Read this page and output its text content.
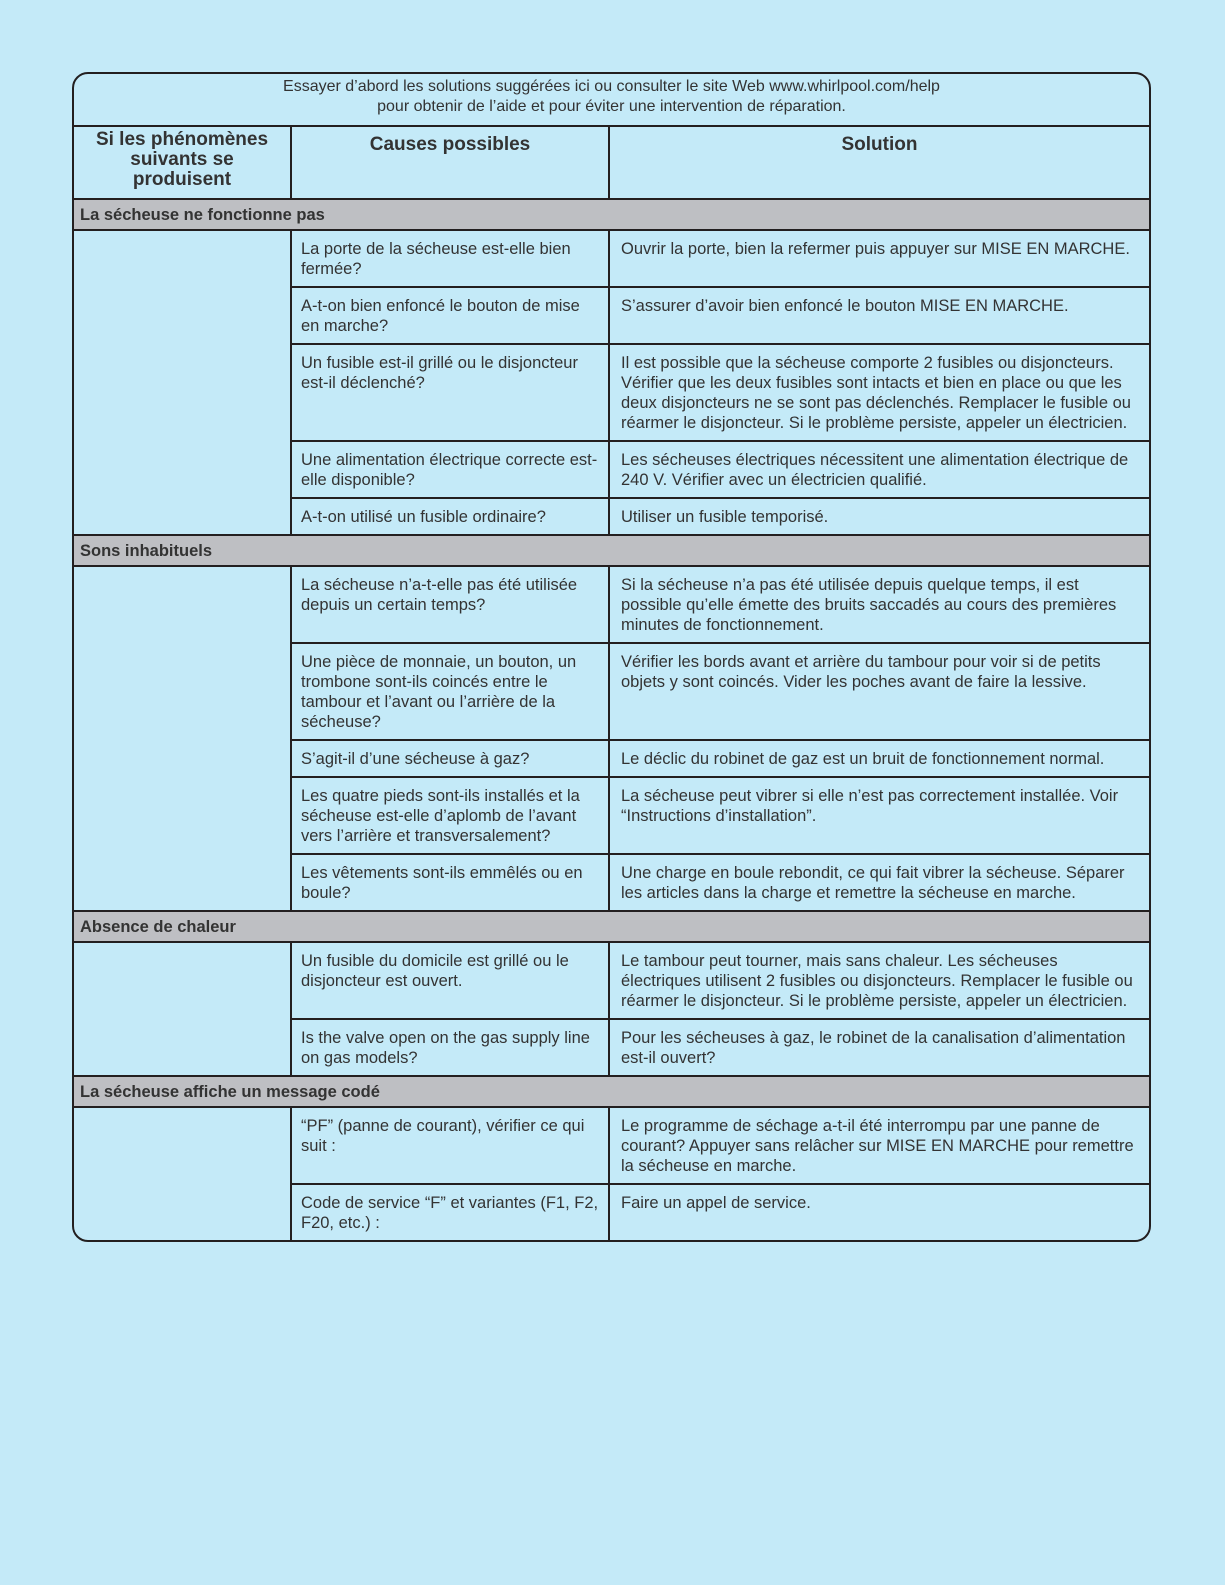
Essayer d’abord les solutions suggérées ici ou consulter le site Web www.whirlpool.com/help
pour obtenir de l’aide et pour éviter une intervention de réparation.
Si les phénomènes suivants se produisent	Causes possibles	Solution
La sécheuse ne fonctionne pas		
	La porte de la sécheuse est-elle bien fermée?	Ouvrir la porte, bien la refermer puis appuyer sur MISE EN MARCHE.
	A-t-on bien enfoncé le bouton de mise en marche?	S’assurer d’avoir bien enfoncé le bouton MISE EN MARCHE.
	Un fusible est-il grillé ou le disjoncteur est-il déclenché?	Il est possible que la sécheuse comporte 2 fusibles ou disjoncteurs. Vérifier que les deux fusibles sont intacts et bien en place ou que les deux disjoncteurs ne se sont pas déclenchés. Remplacer le fusible ou réarmer le disjoncteur. Si le problème persiste, appeler un électricien.
	Une alimentation électrique correcte est-elle disponible?	Les sécheuses électriques nécessitent une alimentation électrique de 240 V. Vérifier avec un électricien qualifié.
	A-t-on utilisé un fusible ordinaire?	Utiliser un fusible temporisé.
Sons inhabituels		
	La sécheuse n’a-t-elle pas été utilisée depuis un certain temps?	Si la sécheuse n’a pas été utilisée depuis quelque temps, il est possible qu’elle émette des bruits saccadés au cours des premières minutes de fonctionnement.
	Une pièce de monnaie, un bouton, un trombone sont-ils coincés entre le tambour et l’avant ou l’arrière de la sécheuse?	Vérifier les bords avant et arrière du tambour pour voir si de petits objets y sont coincés. Vider les poches avant de faire la lessive.
	S’agit-il d’une sécheuse à gaz?	Le déclic du robinet de gaz est un bruit de fonctionnement normal.
	Les quatre pieds sont-ils installés et la sécheuse est-elle d’aplomb de l’avant vers l’arrière et transversalement?	La sécheuse peut vibrer si elle n’est pas correctement installée. Voir “Instructions d’installation”.
	Les vêtements sont-ils emmêlés ou en boule?	Une charge en boule rebondit, ce qui fait vibrer la sécheuse. Séparer les articles dans la charge et remettre la sécheuse en marche.
Absence de chaleur		
	Un fusible du domicile est grillé ou le disjoncteur est ouvert.	Le tambour peut tourner, mais sans chaleur. Les sécheuses électriques utilisent 2 fusibles ou disjoncteurs. Remplacer le fusible ou réarmer le disjoncteur. Si le problème persiste, appeler un électricien.
	Is the valve open on the gas supply line on gas models?	Pour les sécheuses à gaz, le robinet de la canalisation d’alimentation est-il ouvert?
La sécheuse affiche un message codé		
	“PF” (panne de courant), vérifier ce qui suit :	Le programme de séchage a-t-il été interrompu par une panne de courant? Appuyer sans relâcher sur MISE EN MARCHE pour remettre la sécheuse en marche.
	Code de service “F” et variantes (F1, F2, F20, etc.) :	Faire un appel de service.
